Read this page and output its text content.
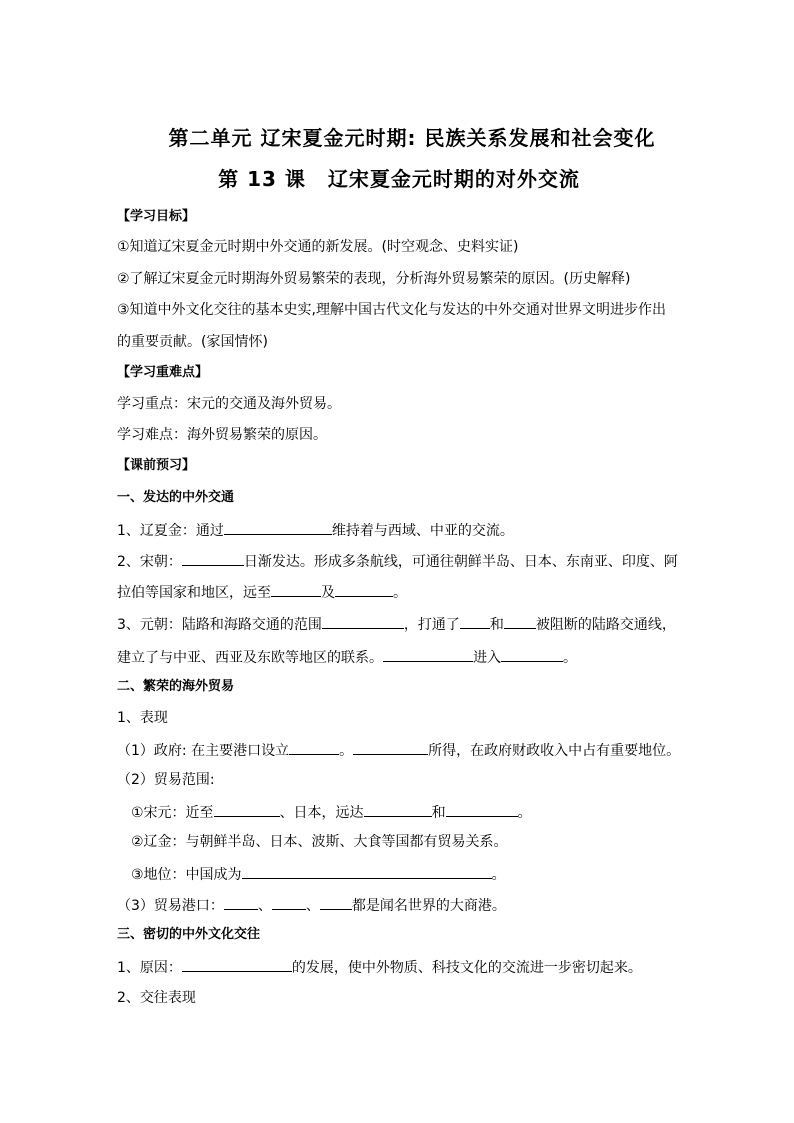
第二单元 辽宋夏金元时期: 民族关系发展和社会变化
第 13 课 辽宋夏金元时期的对外交流
【学习目标】
①知道辽宋夏金元时期中外交通的新发展。(时空观念、史料实证)
②了解辽宋夏金元时期海外贸易繁荣的表现，分析海外贸易繁荣的原因。(历史解释)
③知道中外文化交往的基本史实,理解中国古代文化与发达的中外交通对世界文明进步作出
的重要贡献。(家国情怀)
【学习重难点】
学习重点：宋元的交通及海外贸易。
学习难点：海外贸易繁荣的原因。
【课前预习】
一、发达的中外交通
1、辽夏金：通过	维持着与西域、中亚的交流。
2、宋朝：	日渐发达。形成多条航线，可通往朝鲜半岛、日本、东南亚、印度、阿
拉伯等国家和地区，远至	及	。
3、元朝：陆路和海路交通的范围	，打通了 和 被阻断的陆路交通线，
建立了与中亚、西亚及东欧等地区的联系。	进入	。
二、繁荣的海外贸易
1、表现
（1）政府: 在主要港口设立	。	所得，在政府财政收入中占有重要地位。
（2）贸易范围:
①宋元：近至	、日本，远达	和	。
②辽金：与朝鲜半岛、日本、波斯、大食等国都有贸易关系。
③地位：中国成为	。
（3）贸易港口： 、 、 都是闻名世界的大商港。
三、密切的中外文化交往
1、原因：	的发展，使中外物质、科技文化的交流进一步密切起来。
2、交往表现
